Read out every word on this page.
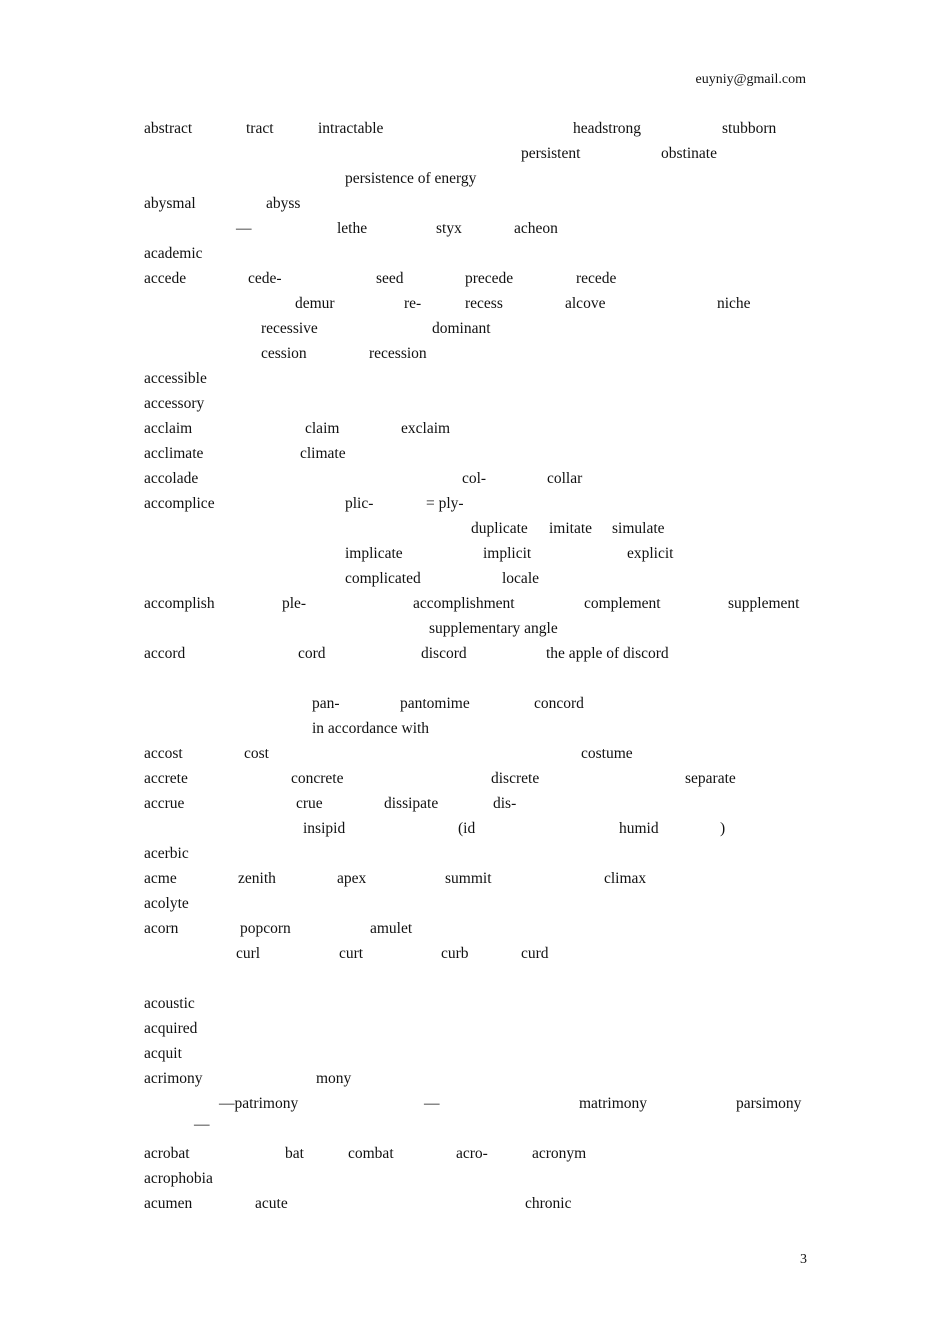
euyniy@gmail.com
abstract	tract	intractable	headstrong	stubborn
persistent	obstinate
persistence of energy
abysmal	abyss
—	lethe	styx	acheon
academic
accede	cede-	seed	precede	recede
demur	re-	recess	alcove	niche
recessive	dominant
cession	recession
accessible
accessory
acclaim	claim	exclaim
acclimate	climate
accolade	col-	collar
accomplice	plic-	= ply-
duplicate imitate simulate
implicate	implicit	explicit
complicated	locale
accomplish	ple-	accomplishment	complement	supplement
supplementary angle
accord	cord	discord	the apple of discord
pan-	pantomime	concord
in accordance with
accost	cost	costume
accrete	concrete	discrete	separate
accrue	crue	dissipate	dis-
insipid	(id	humid	)
acerbic
acme	zenith	apex	summit	climax
acolyte
acorn	popcorn	amulet
curl	curt	curb	curd
acoustic
acquired
acquit
acrimony	mony
—patrimony	—	matrimony	parsimony
—
acrobat	bat	combat	acro-	acronym
acrophobia
acumen	acute	chronic
3
